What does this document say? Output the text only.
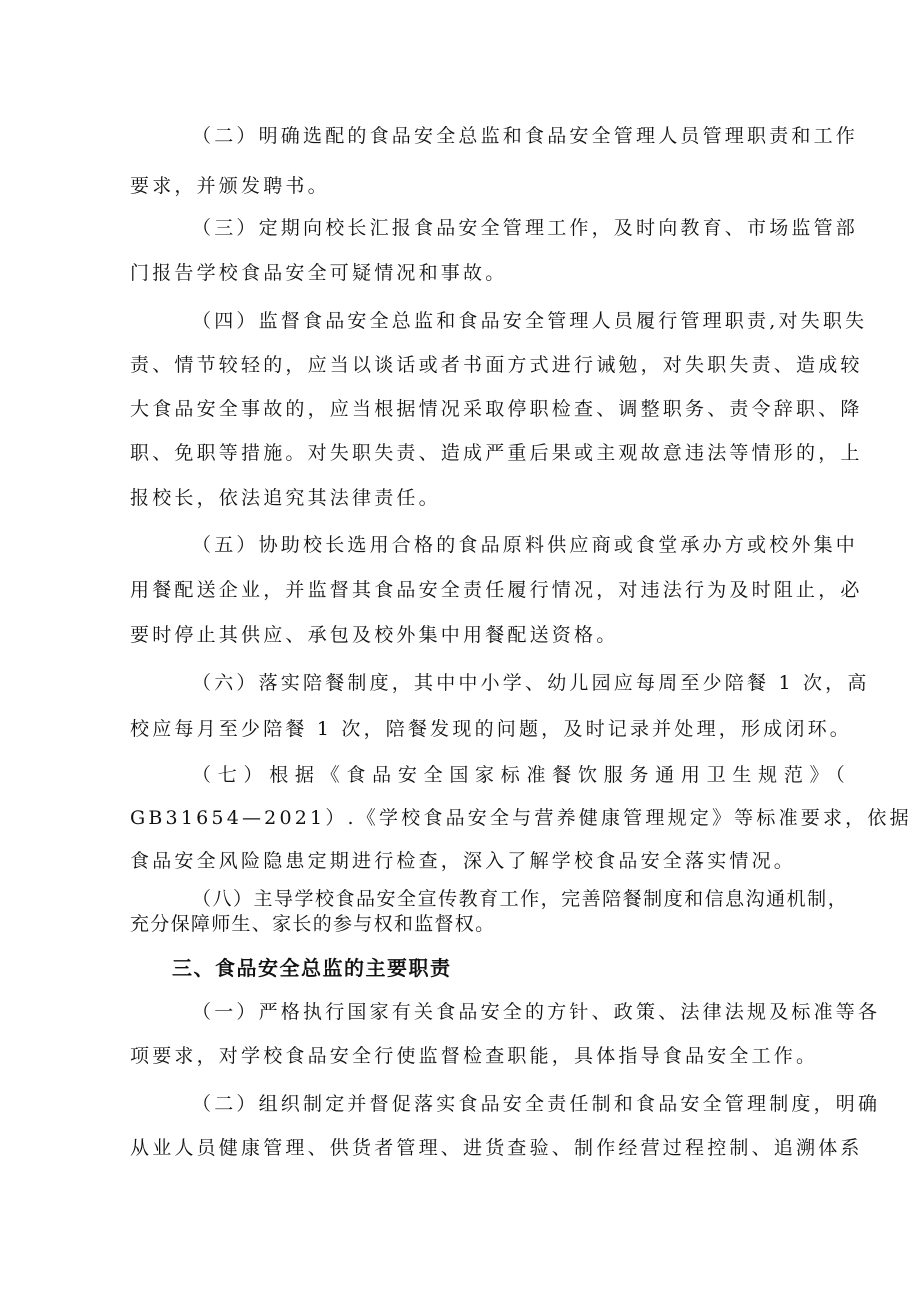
（二）明确选配的食品安全总监和食品安全管理人员管理职责和工作
要求，并颁发聘书。
（三）定期向校长汇报食品安全管理工作，及时向教育、市场监管部
门报告学校食品安全可疑情况和事故。
（四）监督食品安全总监和食品安全管理人员履行管理职责,对失职失
责、情节较轻的，应当以谈话或者书面方式进行诫勉，对失职失责、造成较
大食品安全事故的，应当根据情况采取停职检查、调整职务、责令辞职、降
职、免职等措施。对失职失责、造成严重后果或主观故意违法等情形的，上
报校长，依法追究其法律责任。
（五）协助校长选用合格的食品原料供应商或食堂承办方或校外集中
用餐配送企业，并监督其食品安全责任履行情况，对违法行为及时阻止，必
要时停止其供应、承包及校外集中用餐配送资格。
（六）落实陪餐制度，其中中小学、幼儿园应每周至少陪餐 1 次，高
校应每月至少陪餐 1 次，陪餐发现的问题，及时记录并处理，形成闭环。
（七）根据《食品安全国家标准餐饮服务通用卫生规范》（
GB31654—2021）.《学校食品安全与营养健康管理规定》等标准要求，依据
食品安全风险隐患定期进行检查，深入了解学校食品安全落实情况。
（八）主导学校食品安全宣传教育工作，完善陪餐制度和信息沟通机制，
充分保障师生、家长的参与权和监督权。
三、食品安全总监的主要职责
（一）严格执行国家有关食品安全的方针、政策、法律法规及标准等各
项要求，对学校食品安全行使监督检查职能，具体指导食品安全工作。
（二）组织制定并督促落实食品安全责任制和食品安全管理制度，明确
从业人员健康管理、供货者管理、进货查验、制作经营过程控制、追溯体系
